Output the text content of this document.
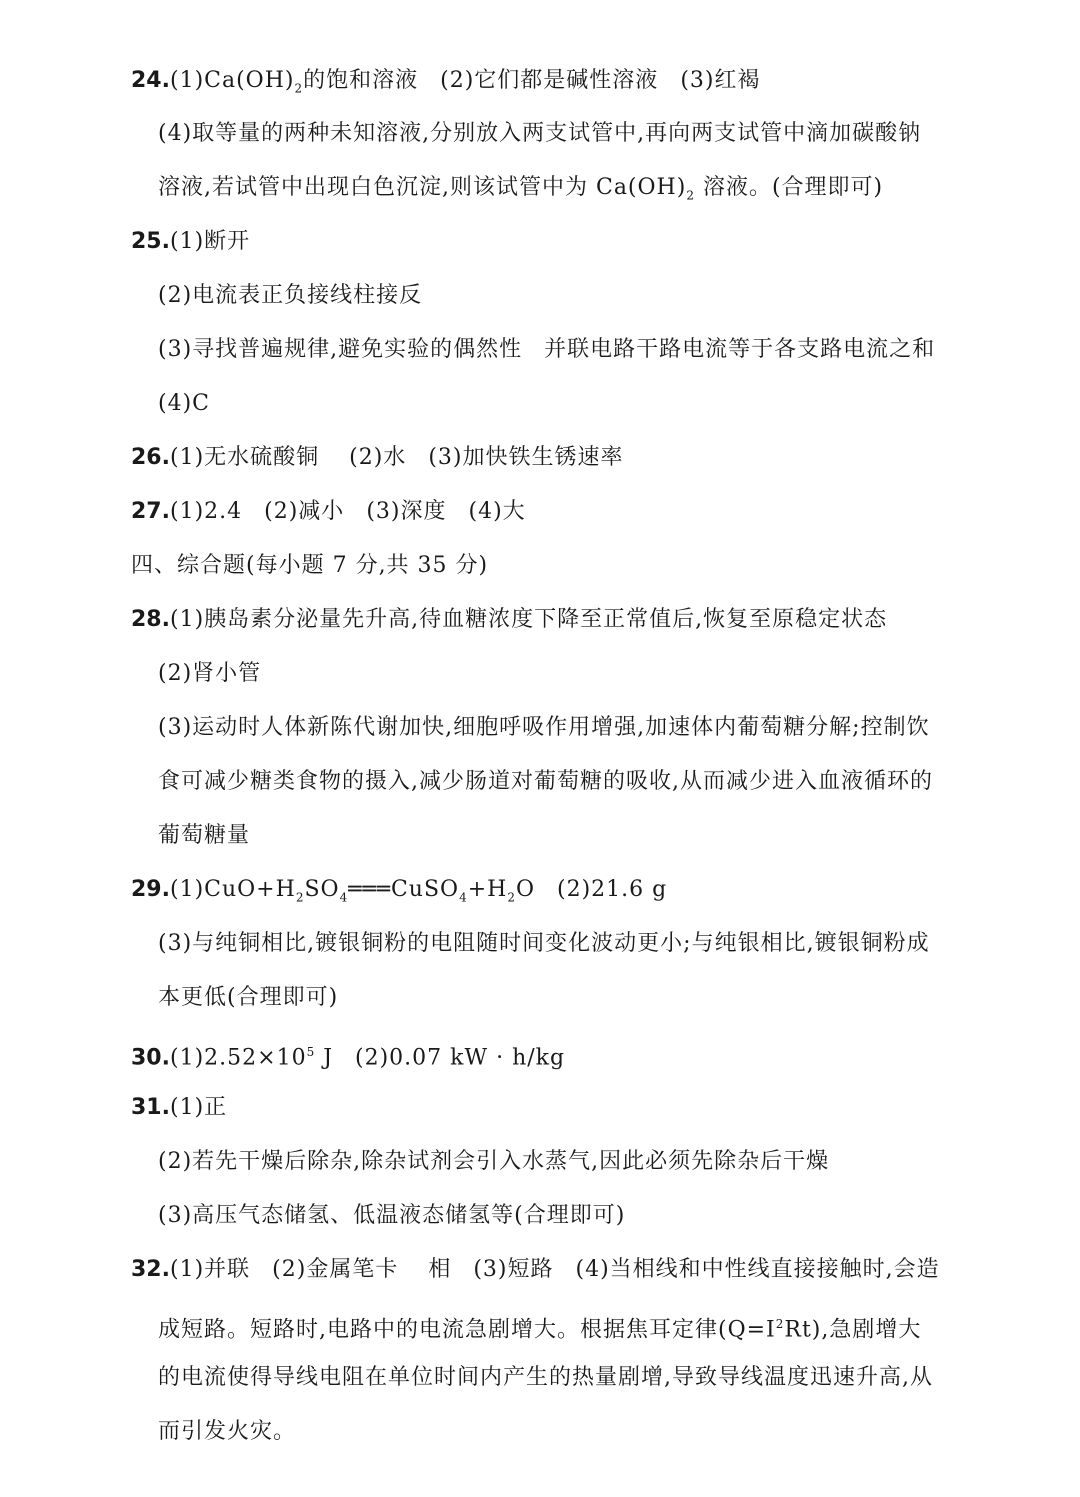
$24.(1)Ca(OH)_2$的饱和溶液 (2)它们都是碱性溶液 (3)红褐
(4)取等量的两种未知溶液,分别放入两支试管中,再向两支试管中滴加碳酸钠
溶液,若试管中出现白色沉淀,则该试管中为 $Ca(OH)_2$ 溶液。(合理即可)
25.(1)断开
(2)电流表正负接线柱接反
(3)寻找普遍规律,避免实验的偶然性 并联电路干路电流等于各支路电流之和
(4)C
26.(1)无水硫酸铜 (2)水 (3)加快铁生锈速率
27.(1)2.4 (2)减小 (3)深度 (4)大
四、综合题(每小题 7 分,共 35 分)
28.(1)胰岛素分泌量先升高,待血糖浓度下降至正常值后,恢复至原稳定状态
(2)肾小管
(3)运动时人体新陈代谢加快,细胞呼吸作用增强,加速体内葡萄糖分解;控制饮
食可减少糖类食物的摄入,减少肠道对葡萄糖的吸收,从而减少进入血液循环的
葡萄糖量
$29.(1)CuO+H_2SO_4═══CuSO_4+H_2O$ (2)21.6 g
(3)与纯铜相比,镀银铜粉的电阻随时间变化波动更小;与纯银相比,镀银铜粉成
本更低(合理即可)
$30.(1)2.52\times 10^5$ J (2)0.07 kW · h/kg
31.(1)正
(2)若先干燥后除杂,除杂试剂会引入水蒸气,因此必须先除杂后干燥
(3)高压气态储氢、低温液态储氢等(合理即可)
32.(1)并联 (2)金属笔卡 相 (3)短路 (4)当相线和中性线直接接触时,会造
成短路。短路时,电路中的电流急剧增大。根据焦耳定律$(Q=I^2Rt)$,急剧增大
的电流使得导线电阻在单位时间内产生的热量剧增,导致导线温度迅速升高,从
而引发火灾。
